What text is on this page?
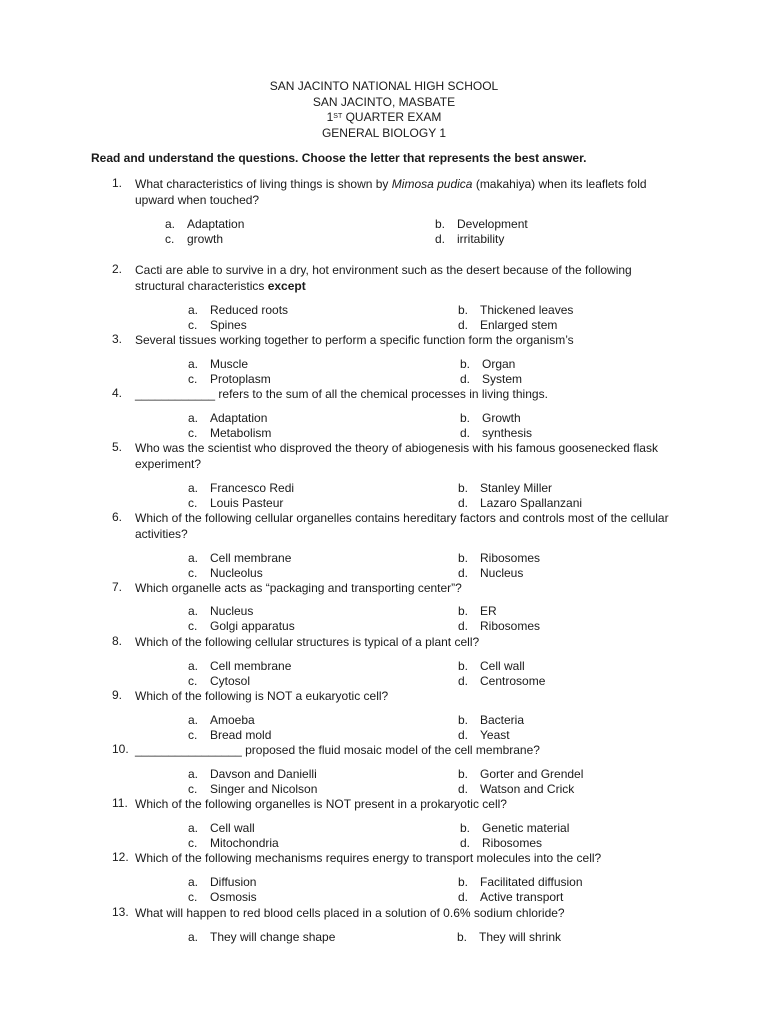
SAN JACINTO NATIONAL HIGH SCHOOL
SAN JACINTO, MASBATE
1ST QUARTER EXAM
GENERAL BIOLOGY 1
Read and understand the questions. Choose the letter that represents the best answer.
1.	What characteristics of living things is shown by Mimosa pudica (makahiya) when its leaflets fold upward when touched?
a. Adaptation	b. Development
c. growth	d. irritability
2.	Cacti are able to survive in a dry, hot environment such as the desert because of the following structural characteristics except
a. Reduced roots	b. Thickened leaves
c. Spines	d. Enlarged stem
3.	Several tissues working together to perform a specific function form the organism’s
a. Muscle	b. Organ
c. Protoplasm	d. System
4.	____________ refers to the sum of all the chemical processes in living things.
a. Adaptation	b. Growth
c. Metabolism	d. synthesis
5.	Who was the scientist who disproved the theory of abiogenesis with his famous goosenecked flask experiment?
a. Francesco Redi	b. Stanley Miller
c. Louis Pasteur	d. Lazaro Spallanzani
6.	Which of the following cellular organelles contains hereditary factors and controls most of the cellular activities?
a. Cell membrane	b. Ribosomes
c. Nucleolus	d. Nucleus
7.	Which organelle acts as “packaging and transporting center”?
a. Nucleus	b. ER
c. Golgi apparatus	d. Ribosomes
8.	Which of the following cellular structures is typical of a plant cell?
a. Cell membrane	b. Cell wall
c. Cytosol	d. Centrosome
9.	Which of the following is NOT a eukaryotic cell?
a. Amoeba	b. Bacteria
c. Bread mold	d. Yeast
10. ________________ proposed the fluid mosaic model of the cell membrane?
a. Davson and Danielli	b. Gorter and Grendel
c. Singer and Nicolson	d. Watson and Crick
11. Which of the following organelles is NOT present in a prokaryotic cell?
a. Cell wall	b. Genetic material
c. Mitochondria	d. Ribosomes
12. Which of the following mechanisms requires energy to transport molecules into the cell?
a. Diffusion	b. Facilitated diffusion
c. Osmosis	d. Active transport
13. What will happen to red blood cells placed in a solution of 0.6% sodium chloride?
a. They will change shape	b. They will shrink
